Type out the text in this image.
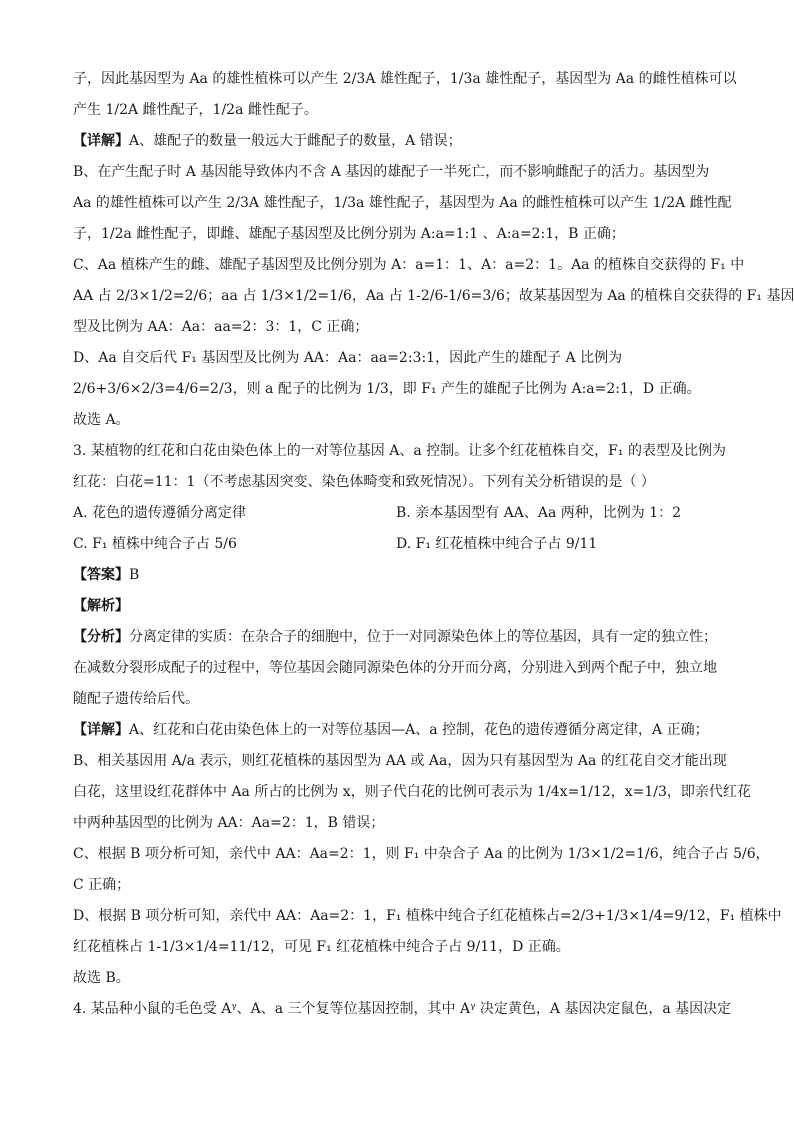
子，因此基因型为 Aa 的雄性植株可以产生 2/3A 雄性配子，1/3a 雄性配子，基因型为 Aa 的雌性植株可以
产生 1/2A 雌性配子，1/2a 雌性配子。
【详解】A、雄配子的数量一般远大于雌配子的数量，A 错误；
B、在产生配子时 A 基因能导致体内不含 A 基因的雄配子一半死亡，而不影响雌配子的活力。基因型为
Aa 的雄性植株可以产生 2/3A 雄性配子，1/3a 雄性配子，基因型为 Aa 的雌性植株可以产生 1/2A 雌性配
子，1/2a 雌性配子，即雌、雄配子基因型及比例分别为 A:a=1:1 、A:a=2:1，B 正确；
C、Aa 植株产生的雌、雄配子基因型及比例分别为 A：a=1：1、A：a=2：1。Aa 的植株自交获得的 F₁ 中
AA 占 2/3×1/2=2/6；aa 占 1/3×1/2=1/6，Aa 占 1-2/6-1/6=3/6；故某基因型为 Aa 的植株自交获得的 F₁ 基因
型及比例为 AA：Aa：aa=2：3：1，C 正确；
D、Aa 自交后代 F₁ 基因型及比例为 AA：Aa：aa=2:3:1，因此产生的雄配子 A 比例为
2/6+3/6×2/3=4/6=2/3，则 a 配子的比例为 1/3，即 F₁ 产生的雄配子比例为 A:a=2:1，D 正确。
故选 A。
3. 某植物的红花和白花由染色体上的一对等位基因 A、a 控制。让多个红花植株自交，F₁ 的表型及比例为
红花：白花=11：1（不考虑基因突变、染色体畸变和致死情况）。下列有关分析错误的是（ ）
A. 花色的遗传遵循分离定律	B. 亲本基因型有 AA、Aa 两种，比例为 1：2
C. F₁ 植株中纯合子占 5/6	D. F₁ 红花植株中纯合子占 9/11
【答案】B
【解析】
【分析】分离定律的实质：在杂合子的细胞中，位于一对同源染色体上的等位基因，具有一定的独立性；
在减数分裂形成配子的过程中，等位基因会随同源染色体的分开而分离，分别进入到两个配子中，独立地
随配子遗传给后代。
【详解】A、红花和白花由染色体上的一对等位基因—A、a 控制，花色的遗传遵循分离定律，A 正确；
B、相关基因用 A/a 表示，则红花植株的基因型为 AA 或 Aa，因为只有基因型为 Aa 的红花自交才能出现
白花，这里设红花群体中 Aa 所占的比例为 x，则子代白花的比例可表示为 1/4x=1/12，x=1/3，即亲代红花
中两种基因型的比例为 AA：Aa=2：1，B 错误；
C、根据 B 项分析可知，亲代中 AA：Aa=2：1，则 F₁ 中杂合子 Aa 的比例为 1/3×1/2=1/6，纯合子占 5/6，
C 正确；
D、根据 B 项分析可知，亲代中 AA：Aa=2：1，F₁ 植株中纯合子红花植株占=2/3+1/3×1/4=9/12，F₁ 植株中
红花植株占 1-1/3×1/4=11/12，可见 F₁ 红花植株中纯合子占 9/11，D 正确。
故选 B。
4. 某品种小鼠的毛色受 Aᵞ、A、a 三个复等位基因控制，其中 Aᵞ 决定黄色，A 基因决定鼠色，a 基因决定
